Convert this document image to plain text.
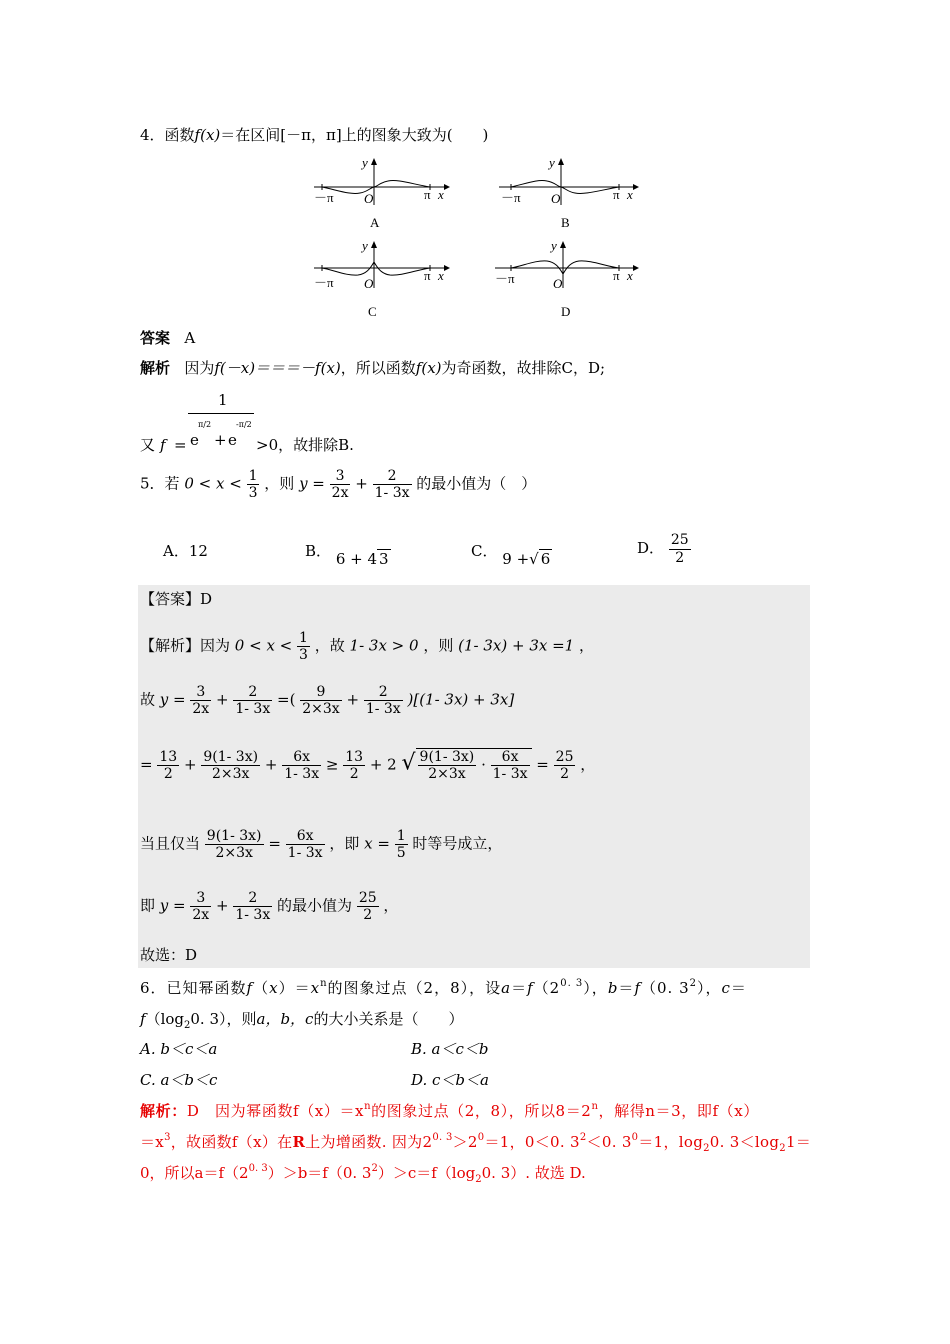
4．函数f(x)＝在区间[－π，π]上的图象大致为(　　)
y
－π O	π x
A
y
－π O	π x
B
y
－π O
π x
C
y
－π	O
π x
D
答案 A
解析 因为f(－x)＝＝＝－f(x)，所以函数f(x)为奇函数，故排除C，D;
又 f =
1
e
π/2
+ e
-π/2
>0，故排除B.
5．若 $0 < x < \frac{1}{3}$ ，则 $y = \frac{3}{2x} + \frac{2}{1- 3x}$ 的最小值为（　）
A．12	B． 6 + 4 3	C． 9 +√ 6
D． $\frac{25}{2}$
【答案】D
【解析】因为 $0 < x < \frac{1}{3}$ ，故 1- 3x > 0 ，则 (1- 3x) + 3x =1 ，
故 $y = \frac{3}{2x} + \frac{2}{1- 3x}$ =( $\frac{9}{2\times 3x} + \frac{2}{1- 3x} )[(1-$ 3x) + 3x]
= $\frac{13}{2} + \frac{9(1- 3x)}{2\times 3x} + \frac{6x}{1- 3x} \ge \frac{13}{2} + 2$ √ $\frac{9(1- 3x)}{2\times 3x} \cdot \frac{6x}{1- 3x} = \frac{25}{2}$ ，
当且仅当 $\frac{9(1- 3x)}{2\times 3x} = \frac{6x}{1- 3x}$ ，即 $x = \frac{1}{5}$ 时等号成立，
即 $y = \frac{3}{2x} + \frac{2}{1- 3x}$ 的最小值为 $\frac{25}{2}$ ，
故选：D
6．已知幂函数$f(x)=x^n$的图象过点（2，8），设$a=f(2^{0. 3})$，b＝f（0. $3^2$），c＝
$f(\log_20$. 3），则a，b，c的大小关系是（　　）
A. b＜c＜a	B. a＜c＜b
C. a＜b＜c	D. c＜b＜a
解析：D　因为幂函数$f(x)=x^n$的图象过点（2，8），所以$8=2^n$，解得n＝3，即f（x）
$=x^3$，故函数f（x）在R上为增函数. 因为$2^{0. 3}>2^0=1$，0＜0. $3^2<0$. $3^0=1$，$\log_20$. $3<\log_21=$
0，所以$a=f(2^{0. 3})>b=f(0$. $3^2)>c=f(\log_20$. 3）. 故选 D.
